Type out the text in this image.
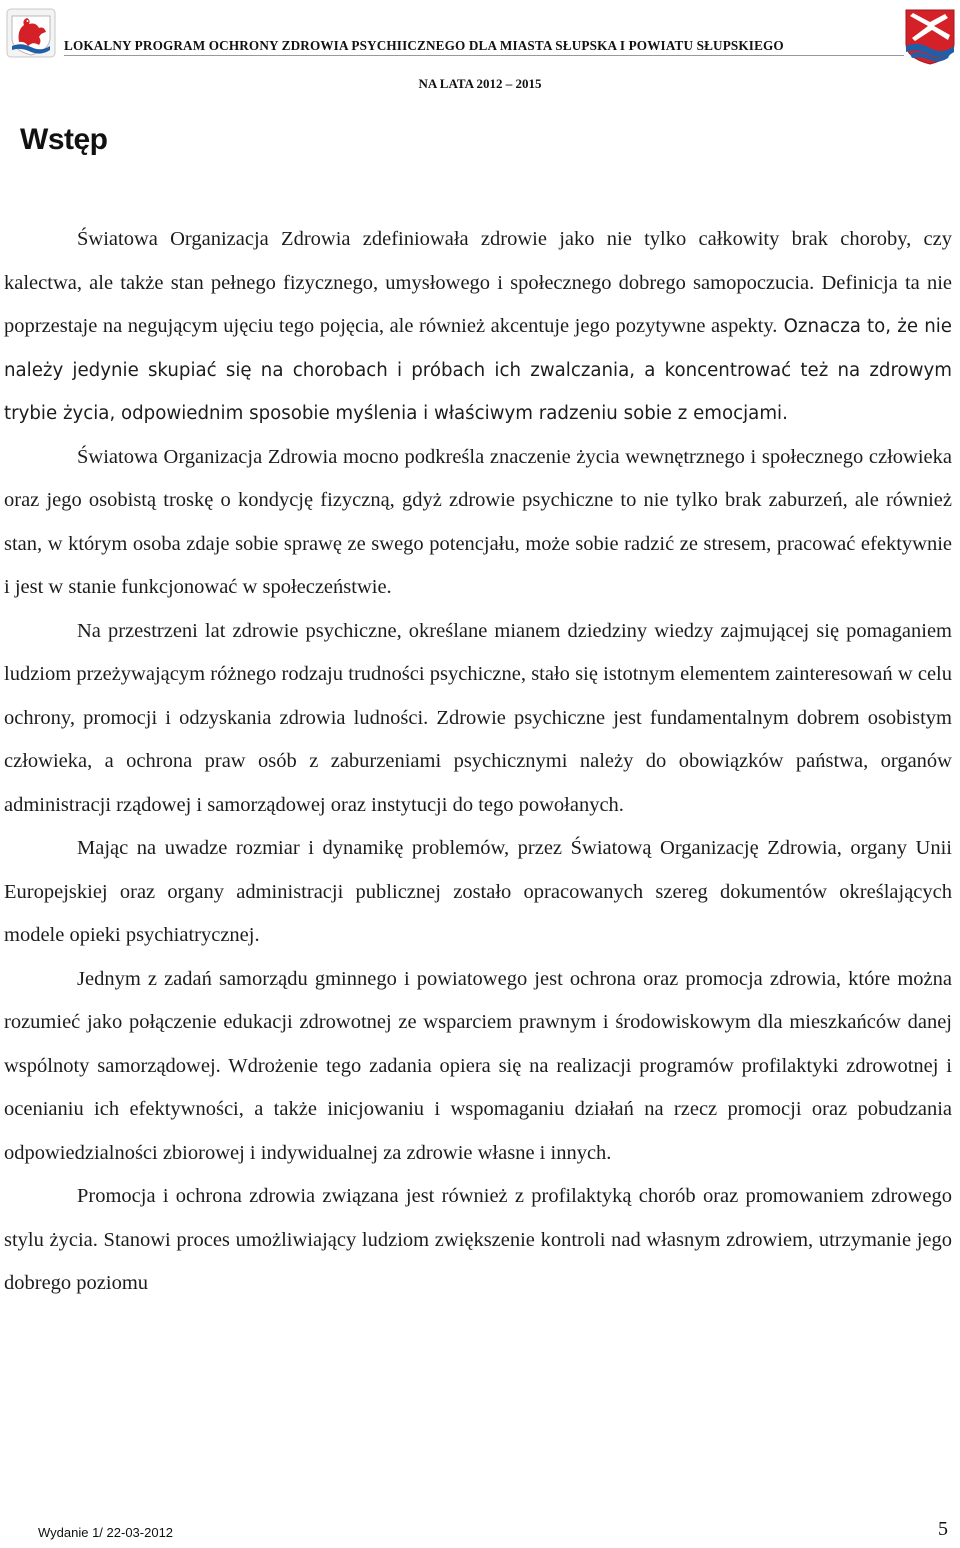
LOKALNY PROGRAM OCHRONY ZDROWIA PSYCHIICZNEGO DLA MIASTA SŁUPSKA I POWIATU SŁUPSKIEGO
NA LATA 2012 – 2015
Wstęp

Światowa Organizacja Zdrowia zdefiniowała zdrowie jako nie tylko całkowity brak choroby, czy kalectwa, ale także stan pełnego fizycznego, umysłowego i społecznego dobrego samopoczucia. Definicja ta nie poprzestaje na negującym ujęciu tego pojęcia, ale również akcentuje jego pozytywne aspekty. Oznacza to, że nie należy jedynie skupiać się na chorobach i próbach ich zwalczania, a koncentrować też na zdrowym trybie życia, odpowiednim sposobie myślenia i właściwym radzeniu sobie z emocjami.

Światowa Organizacja Zdrowia mocno podkreśla znaczenie życia wewnętrznego i społecznego człowieka oraz jego osobistą troskę o kondycję fizyczną, gdyż zdrowie psychiczne to nie tylko brak zaburzeń, ale również stan, w którym osoba zdaje sobie sprawę ze swego potencjału, może sobie radzić ze stresem, pracować efektywnie i jest w stanie funkcjonować w społeczeństwie.

Na przestrzeni lat zdrowie psychiczne, określane mianem dziedziny wiedzy zajmującej się pomaganiem ludziom przeżywającym różnego rodzaju trudności psychiczne, stało się istotnym elementem zainteresowań w celu ochrony, promocji i odzyskania zdrowia ludności. Zdrowie psychiczne jest fundamentalnym dobrem osobistym człowieka, a ochrona praw osób z zaburzeniami psychicznymi należy do obowiązków państwa, organów administracji rządowej i samorządowej oraz instytucji do tego powołanych.

Mając na uwadze rozmiar i dynamikę problemów, przez Światową Organizację Zdrowia, organy Unii Europejskiej oraz organy administracji publicznej zostało opracowanych szereg dokumentów określających modele opieki psychiatrycznej.

Jednym z zadań samorządu gminnego i powiatowego jest ochrona oraz promocja zdrowia, które można rozumieć jako połączenie edukacji zdrowotnej ze wsparciem prawnym i środowiskowym dla mieszkańców danej wspólnoty samorządowej. Wdrożenie tego zadania opiera się na realizacji programów profilaktyki zdrowotnej i ocenianiu ich efektywności, a także inicjowaniu i wspomaganiu działań na rzecz promocji oraz pobudzania odpowiedzialności zbiorowej i indywidualnej za zdrowie własne i innych.

Promocja i ochrona zdrowia związana jest również z profilaktyką chorób oraz promowaniem zdrowego stylu życia. Stanowi proces umożliwiający ludziom zwiększenie kontroli nad własnym zdrowiem, utrzymanie jego dobrego poziomu

Wydanie 1/ 22-03-2012	5
